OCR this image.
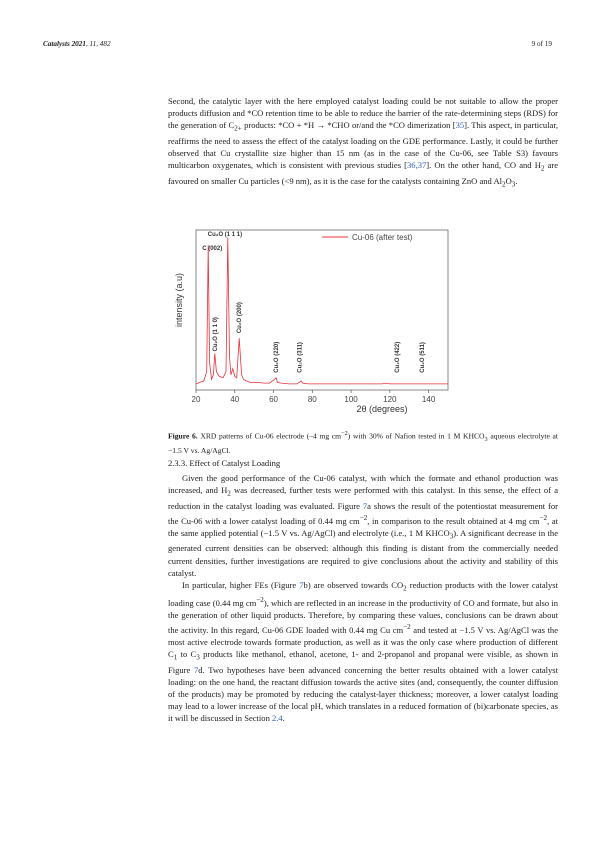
Catalysts 2021, 11, 482	9 of 19

Second, the catalytic layer with the here employed catalyst loading could be not suitable to allow the proper products diffusion and *CO retention time to be able to reduce the barrier of the rate-determining steps (RDS) for the generation of $C_{2+}$ products: *CO + *H → *CHO or/and the *CO dimerization [35]. This aspect, in particular, reaffirms the need to assess the effect of the catalyst loading on the GDE performance. Lastly, it could be further observed that Cu crystallite size higher than 15 nm (as in the case of the Cu-06, see Table S3) favours multicarbon oxygenates, which is consistent with previous studies [36,37]. On the other hand, CO and $H_2$ are favoured on smaller Cu particles (<9 nm), as it is the case for the catalysts containing ZnO and $Al_2O_3$.

20	40	60	80	100	120	140
C (002)
Cu₂O (1 1 1)
Cu₂O (1 1 0)	Cu₂O (200)
Cu₂O (220)	Cu₂O (311)	Cu₂O (422)	Cu₂O (511)
Cu-06 (after test)
2θ (degrees)
intensity (a.u)
Figure 6. XRD patterns of Cu-06 electrode (–4 mg $cm^{-2}$) with 30% of Nafion tested in 1 M $KHCO_3$ aqueous electrolyte at −1.5 V vs. Ag/AgCl.
2.3.3. Effect of Catalyst Loading

Given the good performance of the Cu-06 catalyst, with which the formate and ethanol production was increased, and $H_2$ was decreased, further tests were performed with this catalyst. In this sense, the effect of a reduction in the catalyst loading was evaluated. Figure 7a shows the result of the potentiostat measurement for the Cu-06 with a lower catalyst loading of 0.44 mg $cm^{-2}$, in comparison to the result obtained at 4 mg $cm^{-2}$, at the same applied potential (−1.5 V vs. Ag/AgCl) and electrolyte (i.e., 1 M $KHCO_3$). A significant decrease in the generated current densities can be observed: although this finding is distant from the commercially needed current densities, further investigations are required to give conclusions about the activity and stability of this catalyst.

In particular, higher FEs (Figure 7b) are observed towards $CO_2$ reduction products with the lower catalyst loading case (0.44 mg $cm^{-2}$), which are reflected in an increase in the productivity of CO and formate, but also in the generation of other liquid products. Therefore, by comparing these values, conclusions can be drawn about the activity. In this regard, Cu-06 GDE loaded with 0.44 mg Cu $cm^{-2}$ and tested at −1.5 V vs. Ag/AgCl was the most active electrode towards formate production, as well as it was the only case where production of different $C_1$ to $C_3$ products like methanol, ethanol, acetone, 1- and 2-propanol and propanal were visible, as shown in Figure 7d. Two hypotheses have been advanced concerning the better results obtained with a lower catalyst loading: on the one hand, the reactant diffusion towards the active sites (and, consequently, the counter diffusion of the products) may be promoted by reducing the catalyst-layer thickness; moreover, a lower catalyst loading may lead to a lower increase of the local pH, which translates in a reduced formation of (bi)carbonate species, as it will be discussed in Section 2.4.
